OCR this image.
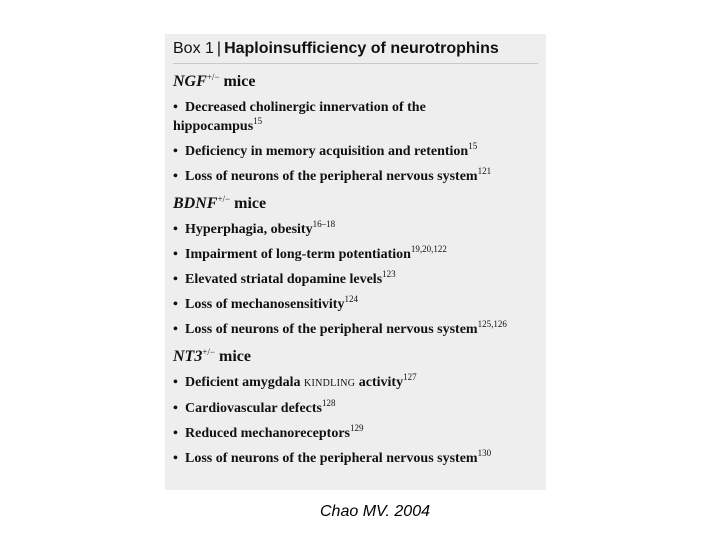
Box 1 | Haploinsufficiency of neurotrophins
NGF+/− mice
• Decreased cholinergic innervation of the hippocampus$^{15}$
• Deficiency in memory acquisition and retention$^{15}$
• Loss of neurons of the peripheral nervous system$^{121}$
BDNF+/− mice
• Hyperphagia, obesity$^{16-18}$
• Impairment of long-term potentiation$^{19,20,122}$
• Elevated striatal dopamine levels$^{123}$
• Loss of mechanosensitivity$^{124}$
• Loss of neurons of the peripheral nervous system$^{125,126}$
NT3+/− mice
• Deficient amygdala KINDLING activity$^{127}$
• Cardiovascular defects$^{128}$
• Reduced mechanoreceptors$^{129}$
• Loss of neurons of the peripheral nervous system$^{130}$
Chao MV. 2004
